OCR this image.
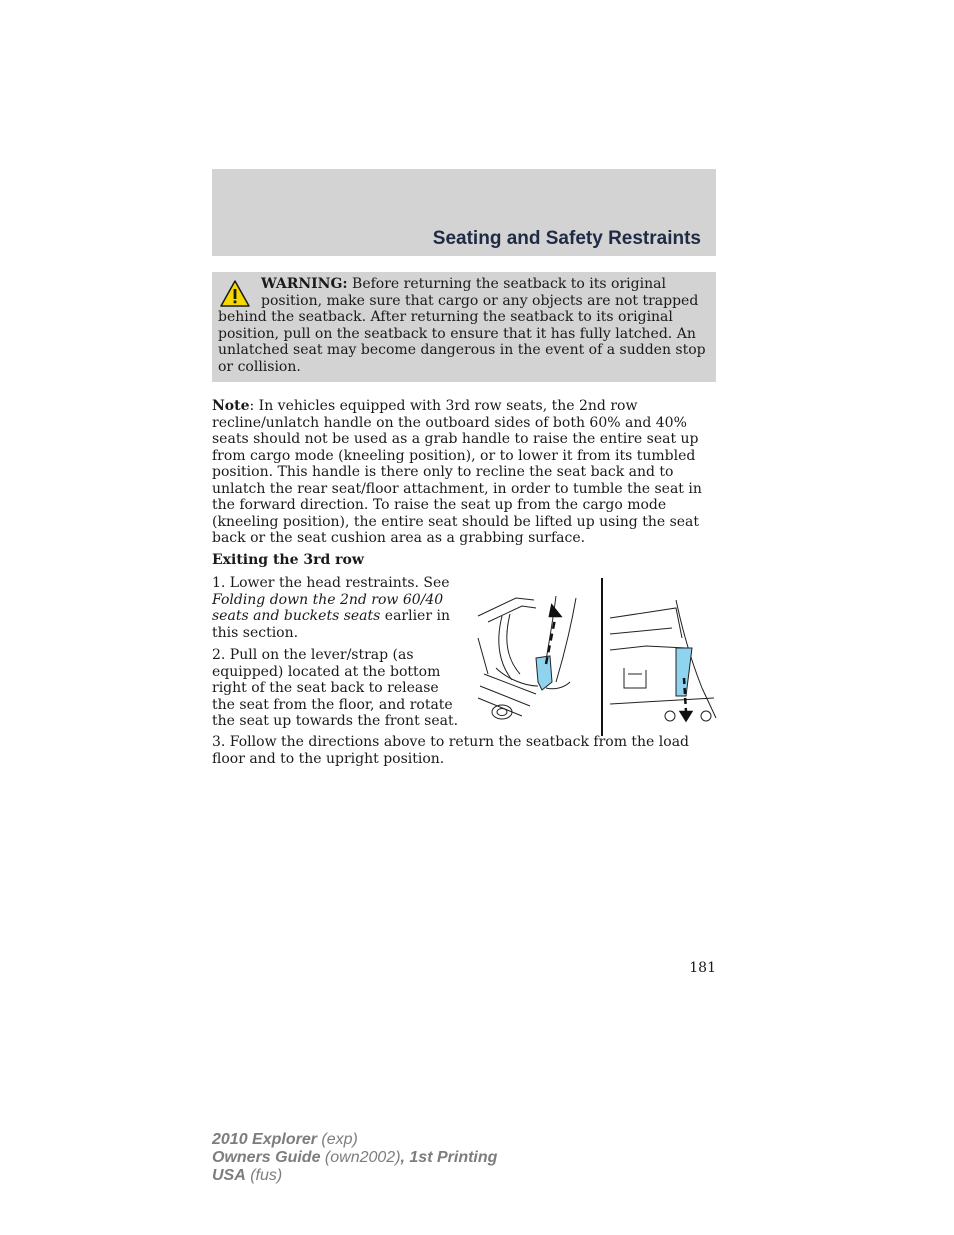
Seating and Safety Restraints
WARNING: Before returning the seatback to its original
position, make sure that cargo or any objects are not trapped behind the seatback. After returning the seatback to its original position, pull on the seatback to ensure that it has fully latched. An unlatched seat may become dangerous in the event of a sudden stop or collision.
Note: In vehicles equipped with 3rd row seats, the 2nd row recline/unlatch handle on the outboard sides of both 60% and 40% seats should not be used as a grab handle to raise the entire seat up from cargo mode (kneeling position), or to lower it from its tumbled position. This handle is there only to recline the seat back and to unlatch the rear seat/floor attachment, in order to tumble the seat in the forward direction. To raise the seat up from the cargo mode (kneeling position), the entire seat should be lifted up using the seat back or the seat cushion area as a grabbing surface.
Exiting the 3rd row
1. Lower the head restraints. See Folding down the 2nd row 60/40 seats and buckets seats earlier in this section.
2. Pull on the lever/strap (as equipped) located at the bottom right of the seat back to release the seat from the floor, and rotate the seat up towards the front seat.
3. Follow the directions above to return the seatback from the load floor and to the upright position.
181
2010 Explorer (exp)
Owners Guide (own2002), 1st Printing
USA (fus)
